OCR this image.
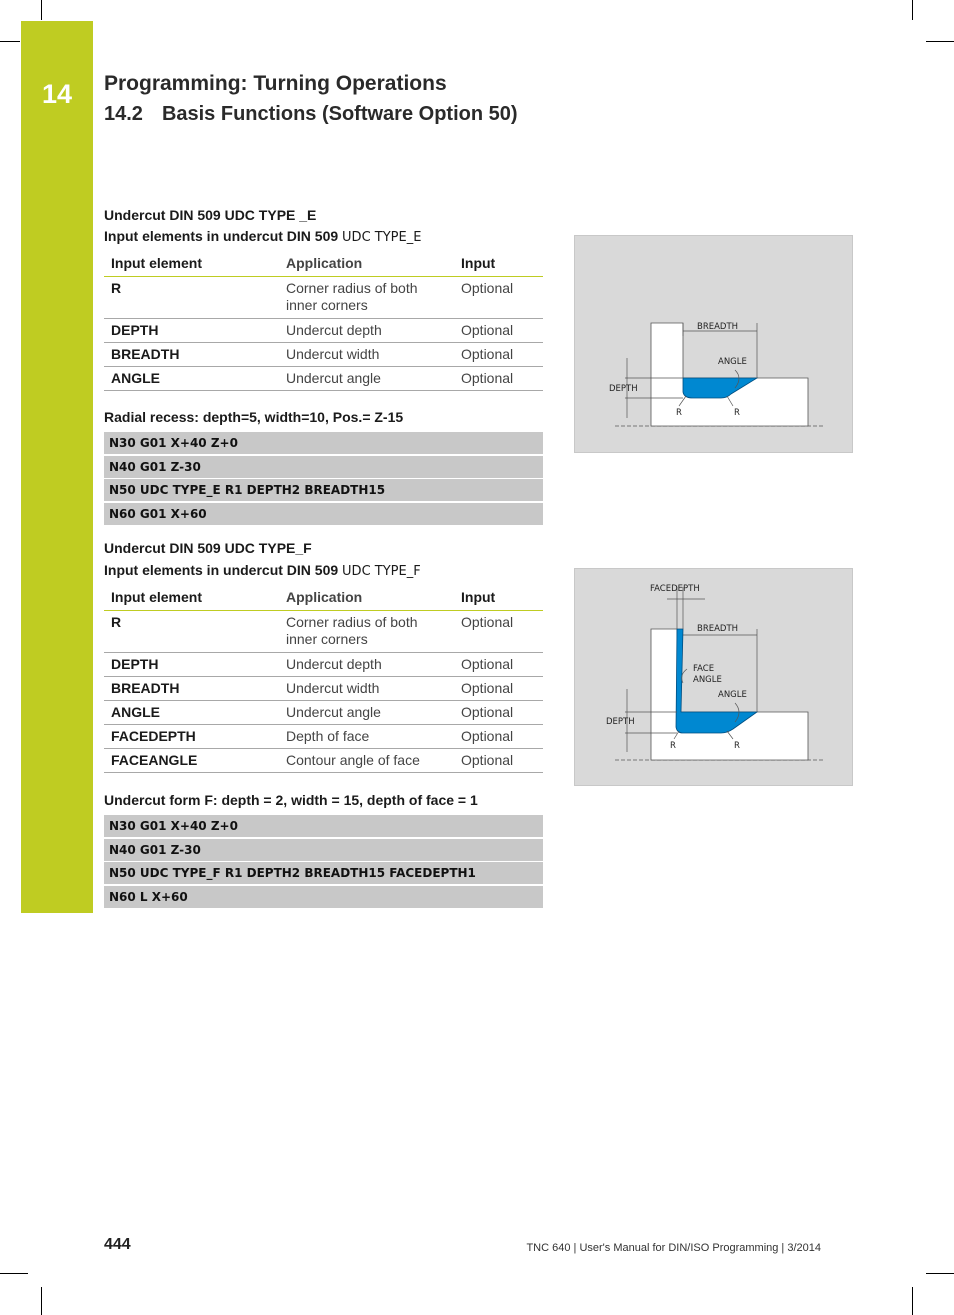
14	Programming: Turning Operations
14.2 Basis Functions (Software Option 50)

Undercut DIN 509 UDC TYPE _E

Input elements in undercut DIN 509 UDC TYPE_E

Input element	Application	Input
R	Corner radius of both inner corners	Optional
DEPTH	Undercut depth	Optional
BREADTH	Undercut width	Optional
ANGLE	Undercut angle	Optional

Radial recess: depth=5, width=10, Pos.= Z-15

N30 G01 X+40 Z+0
N40 G01 Z-30
N50 UDC TYPE_E R1 DEPTH2 BREADTH15
N60 G01 X+60
BREADTH
ANGLE
DEPTH
R	R

Undercut DIN 509 UDC TYPE_F

Input elements in undercut DIN 509 UDC TYPE_F

Input element	Application	Input
R	Corner radius of both inner corners	Optional
DEPTH	Undercut depth	Optional
BREADTH	Undercut width	Optional
ANGLE	Undercut angle	Optional
FACEDEPTH	Depth of face	Optional
FACEANGLE	Contour angle of face	Optional

Undercut form F: depth = 2, width = 15, depth of face = 1

N30 G01 X+40 Z+0
N40 G01 Z-30
N50 UDC TYPE_F R1 DEPTH2 BREADTH15 FACEDEPTH1
N60 L X+60
FACEDEPTH
BREADTH
FACE
ANGLE
ANGLE
DEPTH
R	R
444	TNC 640 | User's Manual for DIN/ISO Programming | 3/2014
